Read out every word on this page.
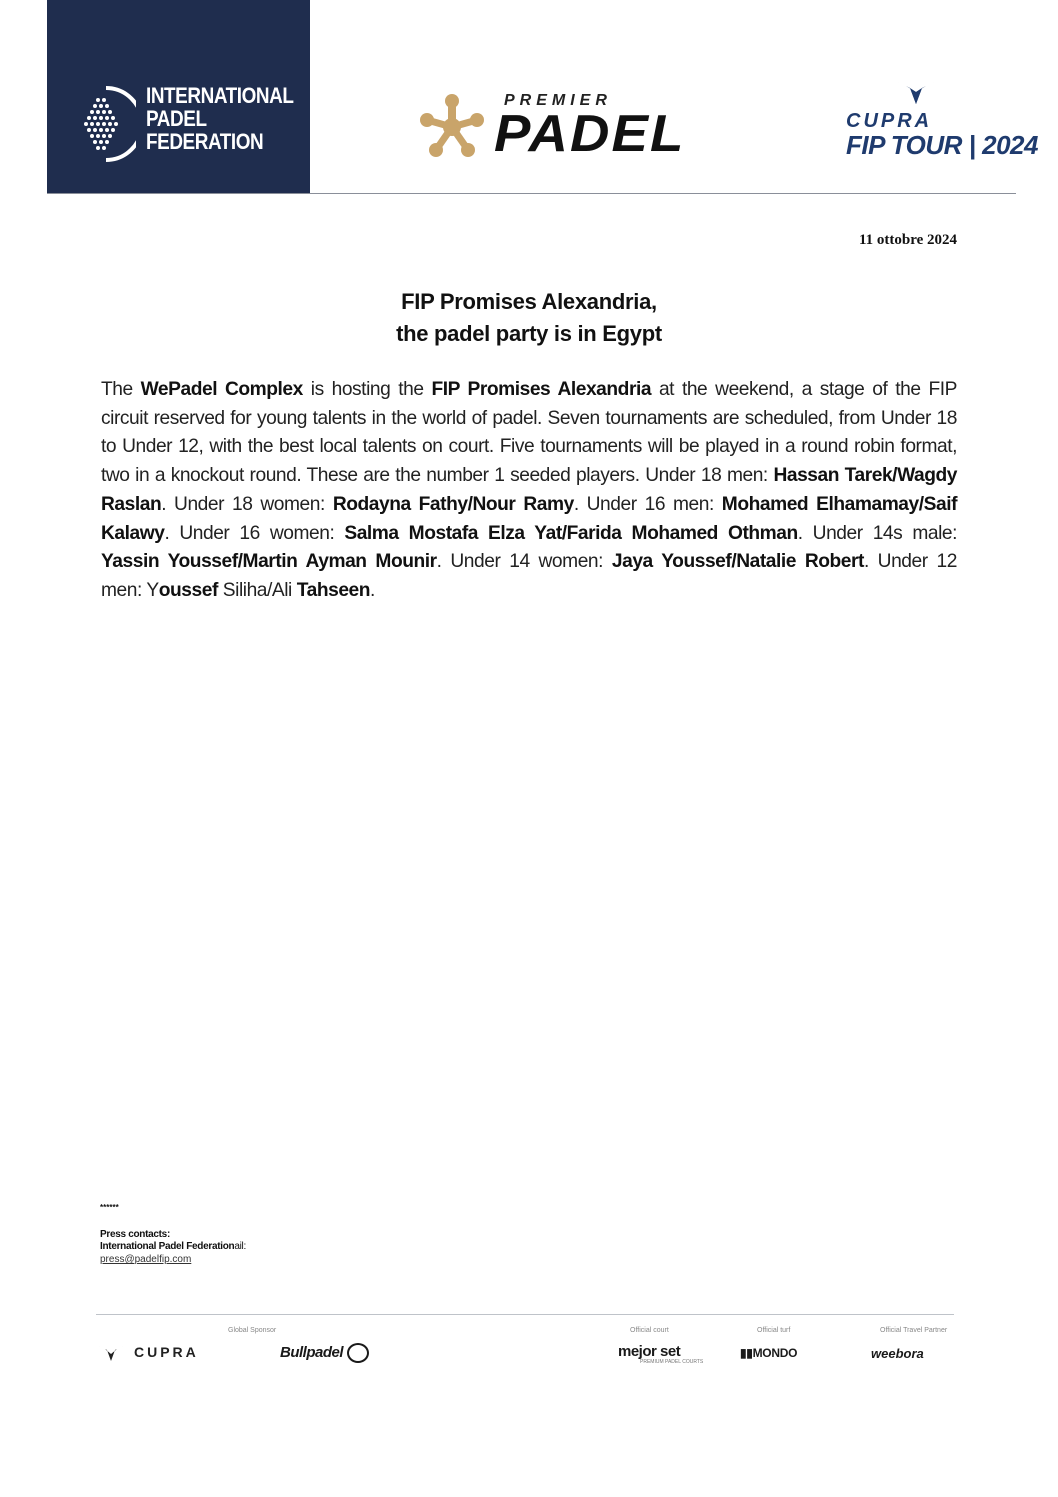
INTERNATIONAL
PADEL
FEDERATION
PREMIER
PADEL	CUPRA
FIP TOUR | 2024
11 ottobre 2024
FIP Promises Alexandria,
the padel party is in Egypt
The WePadel Complex is hosting the FIP Promises Alexandria at the weekend, a stage of the FIP circuit reserved for young talents in the world of padel. Seven tournaments are scheduled, from Under 18 to Under 12, with the best local talents on court. Five tournaments will be played in a round robin format, two in a knockout round. These are the number 1 seeded players. Under 18 men: Hassan Tarek/Wagdy Raslan. Under 18 women: Rodayna Fathy/Nour Ramy. Under 16 men: Mohamed Elhamamay/Saif Kalawy. Under 16 women: Salma Mostafa Elza Yat/Farida Mohamed Othman. Under 14s male: Yassin Youssef/Martin Ayman Mounir. Under 14 women: Jaya Youssef/Natalie Robert. Under 12 men: Youssef Siliha/Ali Tahseen.
******
Press contacts:
International Padel Federationail:
press@padelfip.com
Global Sponsor	Official court	Official turf	Official Travel Partner
CUPRA	Bullpadel	mejor set
PREMIUM PADEL COURTS
▮▮MONDO	weebora
